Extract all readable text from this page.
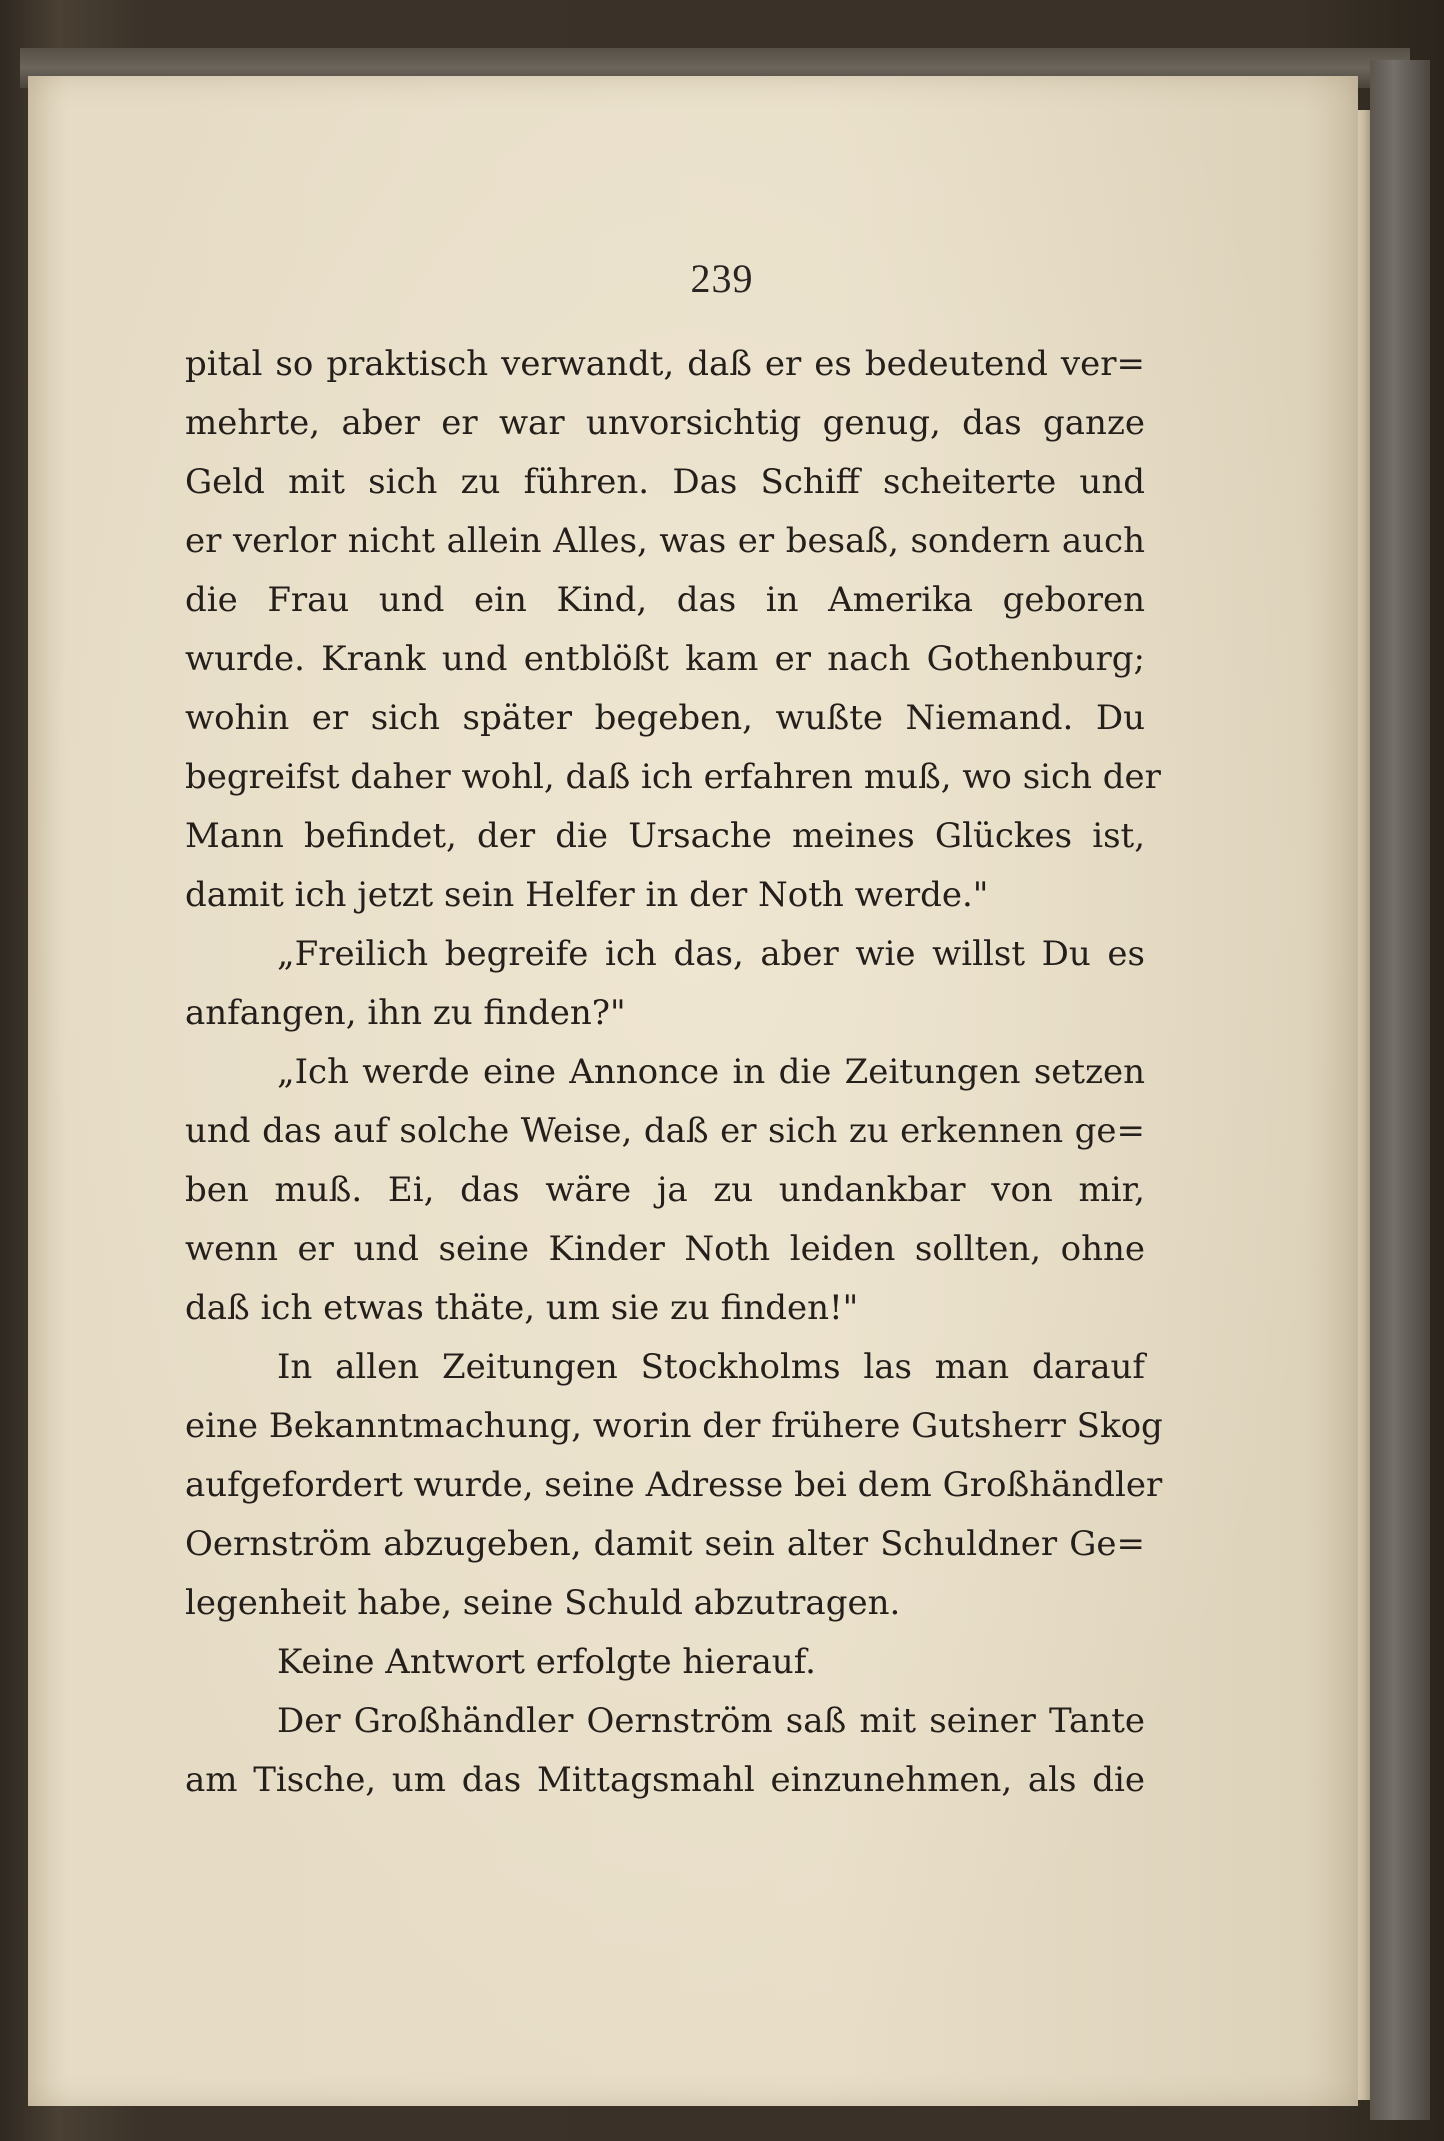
239
pital so praktisch verwandt, daß er es bedeutend ver=
mehrte, aber er war unvorsichtig genug, das ganze
Geld mit sich zu führen. Das Schiff scheiterte und
er verlor nicht allein Alles, was er besaß, sondern auch
die Frau und ein Kind, das in Amerika geboren
wurde. Krank und entblößt kam er nach Gothenburg;
wohin er sich später begeben, wußte Niemand. Du
begreifst daher wohl, daß ich erfahren muß, wo sich der
Mann befindet, der die Ursache meines Glückes ist,
damit ich jetzt sein Helfer in der Noth werde."
„Freilich begreife ich das, aber wie willst Du es
anfangen, ihn zu finden?"
„Ich werde eine Annonce in die Zeitungen setzen
und das auf solche Weise, daß er sich zu erkennen ge=
ben muß. Ei, das wäre ja zu undankbar von mir,
wenn er und seine Kinder Noth leiden sollten, ohne
daß ich etwas thäte, um sie zu finden!"
In allen Zeitungen Stockholms las man darauf
eine Bekanntmachung, worin der frühere Gutsherr Skog
aufgefordert wurde, seine Adresse bei dem Großhändler
Oernström abzugeben, damit sein alter Schuldner Ge=
legenheit habe, seine Schuld abzutragen.
Keine Antwort erfolgte hierauf.
Der Großhändler Oernström saß mit seiner Tante
am Tische, um das Mittagsmahl einzunehmen, als die
